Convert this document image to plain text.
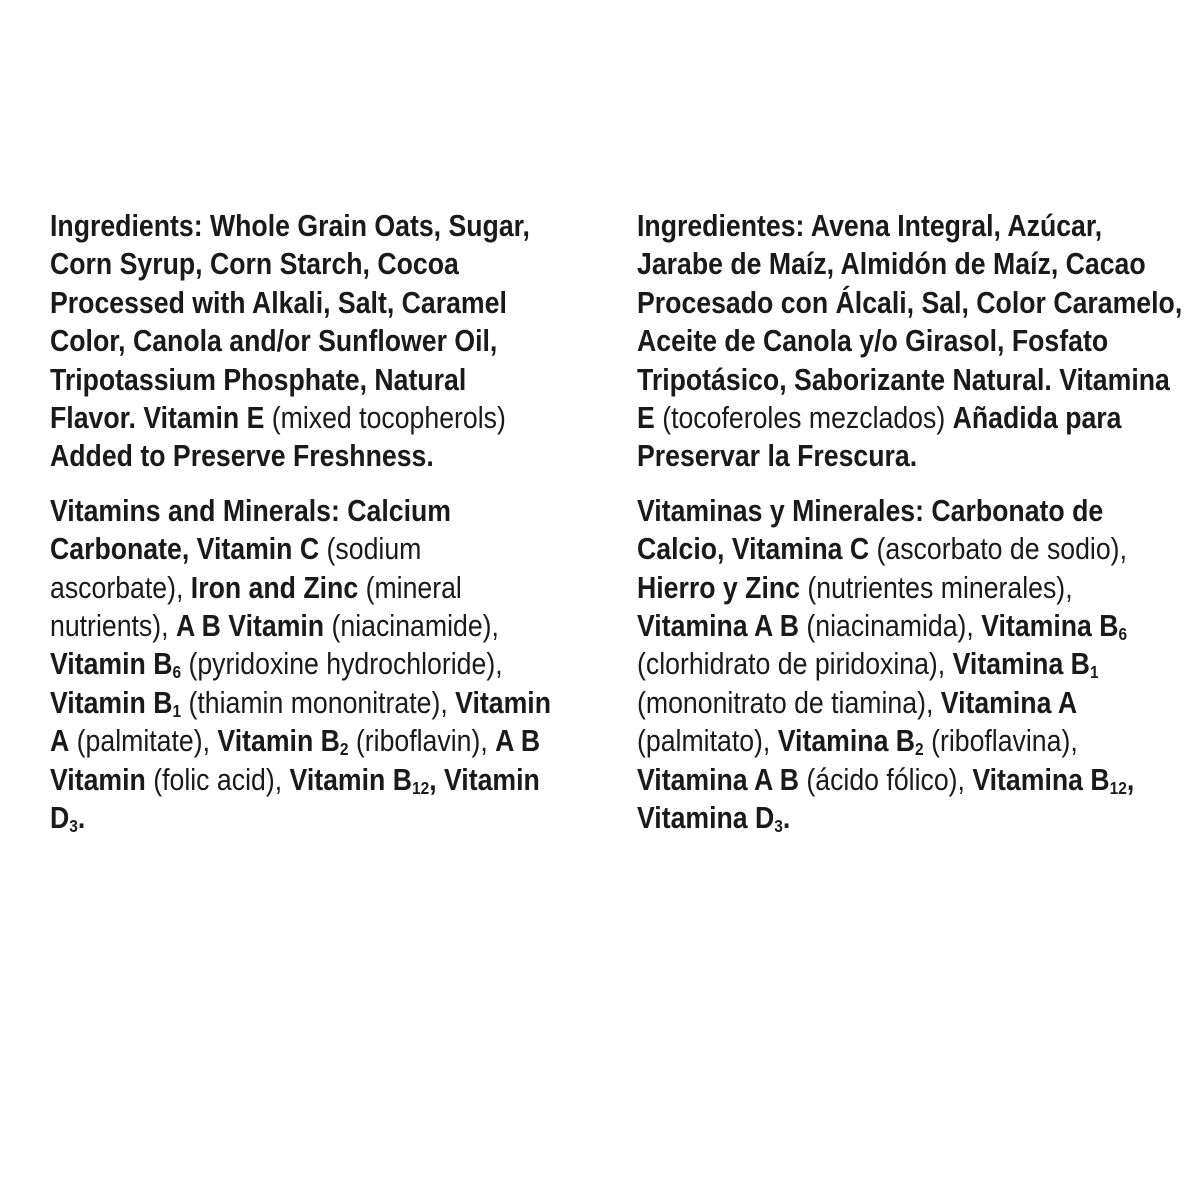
Ingredients: Whole Grain Oats, Sugar, Corn Syrup, Corn Starch, Cocoa Processed with Alkali, Salt, Caramel Color, Canola and/or Sunflower Oil, Tripotassium Phosphate, Natural Flavor. Vitamin E (mixed tocopherols) Added to Preserve Freshness.

Vitamins and Minerals: Calcium Carbonate, Vitamin C (sodium ascorbate), Iron and Zinc (mineral nutrients), A B Vitamin (niacinamide), Vitamin $B_6$ (pyridoxine hydrochloride), Vitamin $B_1$ (thiamin mononitrate), Vitamin A (palmitate), Vitamin $B_2$ (riboflavin), A B Vitamin (folic acid), Vitamin $B_{12}$, Vitamin $D_3$.

Ingredientes: Avena Integral, Azúcar, Jarabe de Maíz, Almidón de Maíz, Cacao Procesado con Álcali, Sal, Color Caramelo, Aceite de Canola y/o Girasol, Fosfato Tripotásico, Saborizante Natural. Vitamina E (tocoferoles mezclados) Añadida para Preservar la Frescura.

Vitaminas y Minerales: Carbonato de Calcio, Vitamina C (ascorbato de sodio), Hierro y Zinc (nutrientes minerales), Vitamina A B (niacinamida), Vitamina $B_6$ (clorhidrato de piridoxina), Vitamina $B_1$ (mononitrato de tiamina), Vitamina A (palmitato), Vitamina $B_2$ (riboflavina), Vitamina A B (ácido fólico), Vitamina $B_{12}$, Vitamina $D_3$.
